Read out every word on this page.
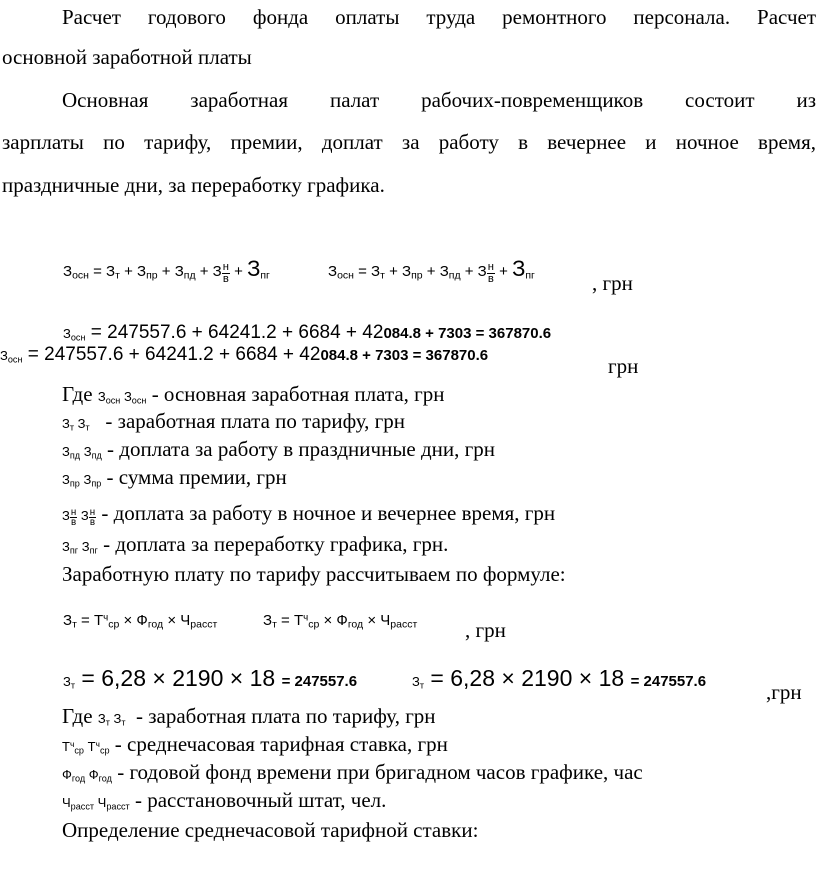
Расчет годового фонда оплаты труда ремонтного персонала. Расчет
основной заработной платы
Основная заработная палат рабочих-повременщиков состоит из
зарплаты по тарифу, премии, доплат за работу в вечернее и ночное время,
праздничные дни, за переработку графика.
$З_{осн} = З_т + З_{пр} + З_{пд} + З \frac{н}{в} + З_{пг}$	$З_{осн} = З_т + З_{пр} + З_{пд} + З \frac{н}{в} + З_{пг}$	, грн
$З_{осн} = 247557.6 + 64241.2 + 6684 + 42084.8 + 7303 = 367870.6$
$З_{осн} = 247557.6 + 64241.2 + 6684 + 42084.8 + 7303 = 367870.6$	грн
Где $З_{осн}$ $З_{осн}$ - основная заработная плата, грн
$З_т$ $З_т$ - заработная плата по тарифу, грн
$З_{пд}$ $З_{пд}$ - доплата за работу в праздничные дни, грн
$З_{пр}$ $З_{пр}$ - сумма премии, грн
З $\frac{н}{в}$ З $\frac{н}{в}$ - доплата за работу в ночное и вечернее время, грн
$З_{пг}$ $З_{пг}$ - доплата за переработку графика, грн.
Заработную плату по тарифу рассчитываем по формуле:
$З_т = Т^ч_{ср} \times Ф_{год} \times Ч_{расст}$	$З_т = Т^ч_{ср} \times Ф_{год} \times Ч_{расст}$ , грн
$З_т = 6,28 \times 2190 \times 18 = 247557.6$	$З_т = 6,28 \times 2190 \times 18 = 247557.6$	,грн
Где $З_т$ $З_т$ - заработная плата по тарифу, грн
$Т^ч_{ср}$ $Т^ч_{ср}$ - среднечасовая тарифная ставка, грн
$Ф_{год}$ $Ф_{год}$ - годовой фонд времени при бригадном часов графике, час
$Ч_{расст}$ $Ч_{расст}$ - расстановочный штат, чел.
Определение среднечасовой тарифной ставки:
